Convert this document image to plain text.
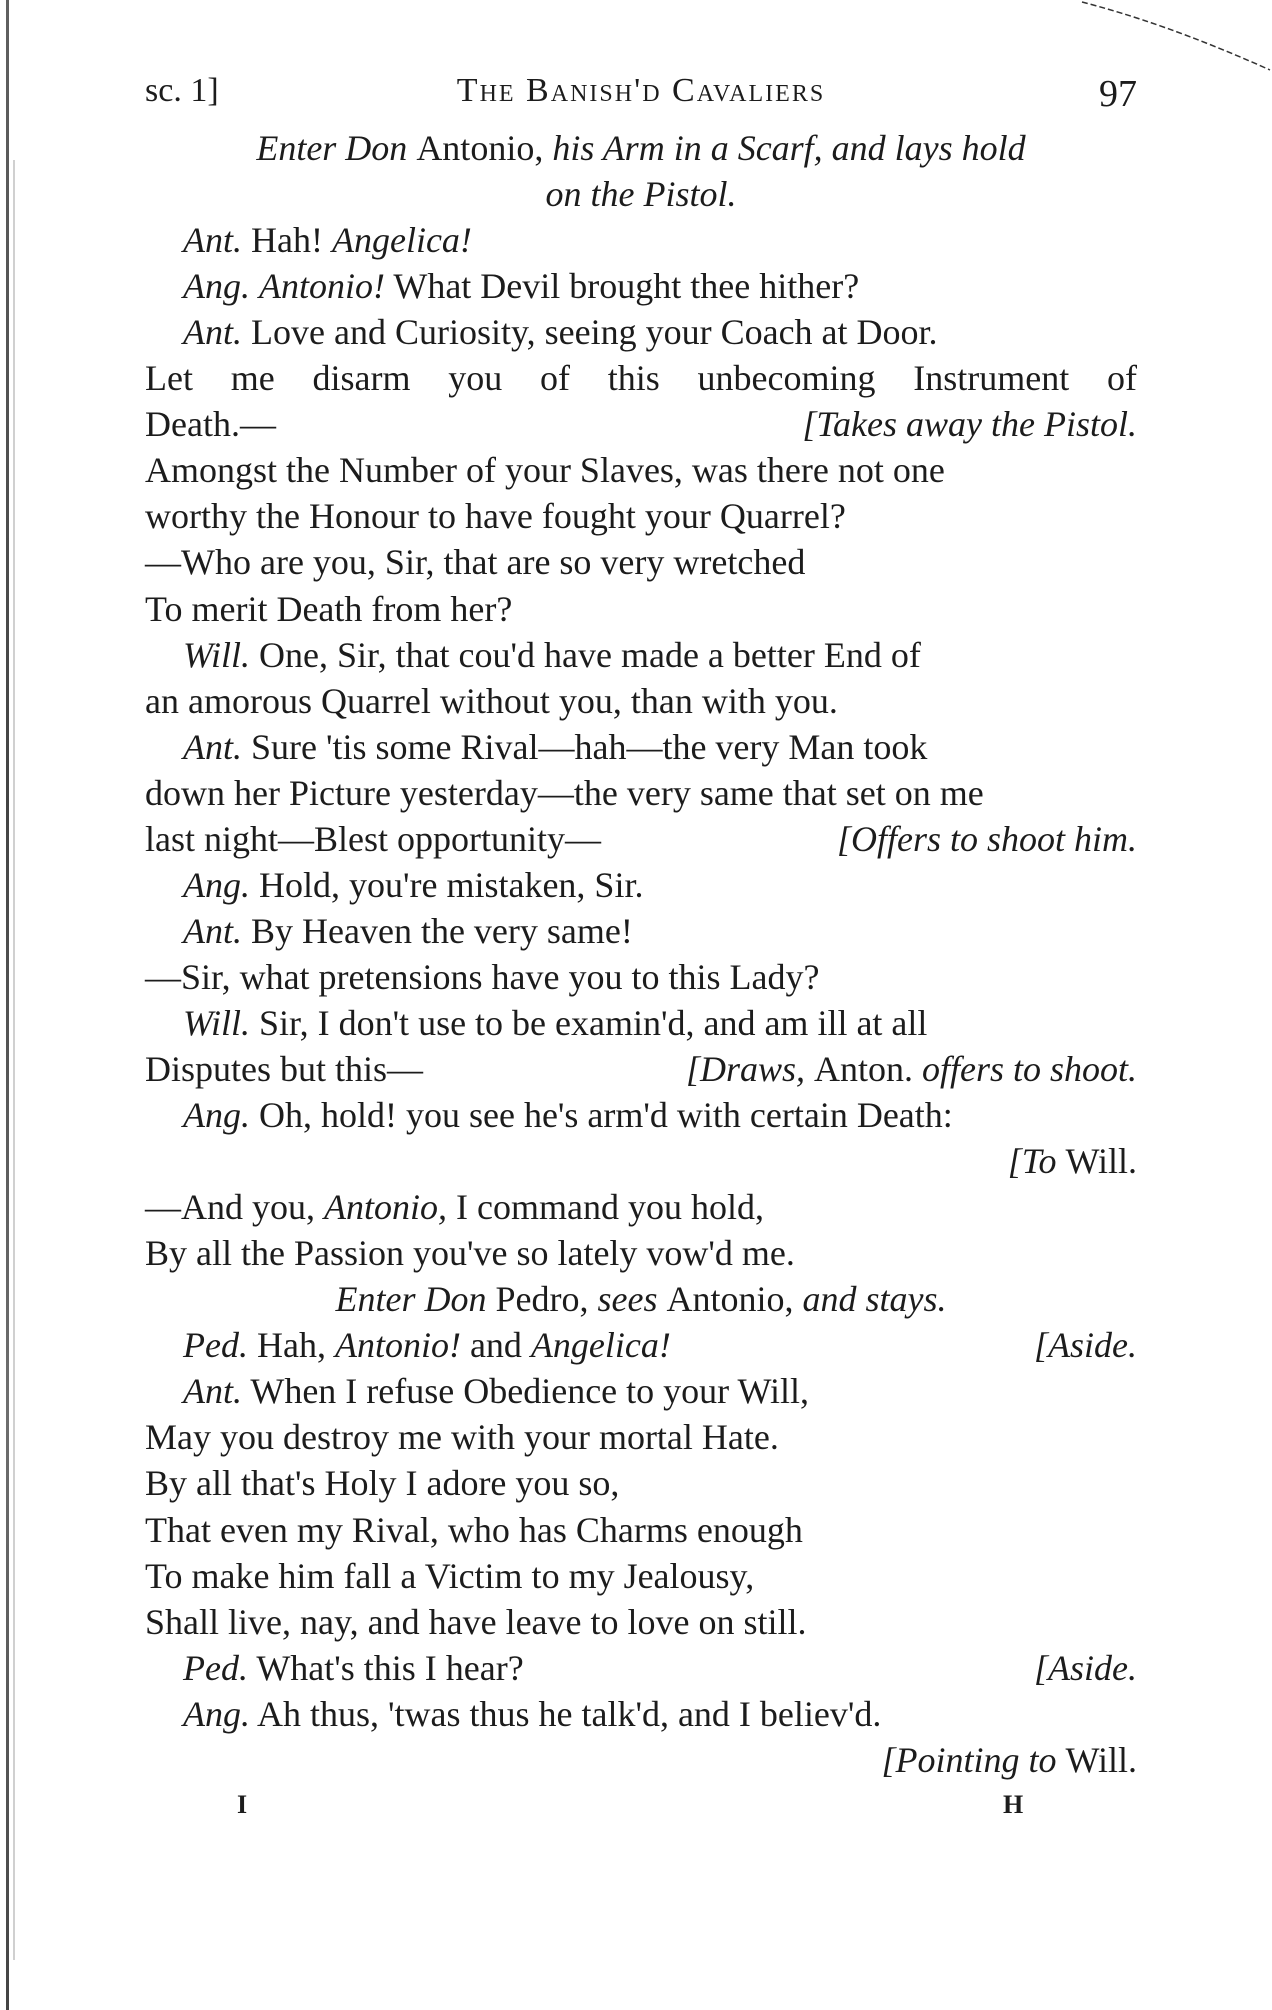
sc. 1]	The Banish'd Cavaliers	97
Enter Don Antonio, his Arm in a Scarf, and lays hold
on the Pistol.
Ant. Hah! Angelica!
Ang. Antonio! What Devil brought thee hither?
Ant. Love and Curiosity, seeing your Coach at Door.
Let me disarm you of this unbecoming Instrument of
Death.—	[Takes away the Pistol.
Amongst the Number of your Slaves, was there not one
worthy the Honour to have fought your Quarrel?
—Who are you, Sir, that are so very wretched
To merit Death from her?
Will. One, Sir, that cou'd have made a better End of
an amorous Quarrel without you, than with you.
Ant. Sure 'tis some Rival—hah—the very Man took
down her Picture yesterday—the very same that set on me
last night—Blest opportunity—	[Offers to shoot him.
Ang. Hold, you're mistaken, Sir.
Ant. By Heaven the very same!
—Sir, what pretensions have you to this Lady?
Will. Sir, I don't use to be examin'd, and am ill at all
Disputes but this—	[Draws, Anton. offers to shoot.
Ang. Oh, hold! you see he's arm'd with certain Death:
[To Will.
—And you, Antonio, I command you hold,
By all the Passion you've so lately vow'd me.
Enter Don Pedro, sees Antonio, and stays.
Ped. Hah, Antonio! and Angelica!	[Aside.
Ant. When I refuse Obedience to your Will,
May you destroy me with your mortal Hate.
By all that's Holy I adore you so,
That even my Rival, who has Charms enough
To make him fall a Victim to my Jealousy,
Shall live, nay, and have leave to love on still.
Ped. What's this I hear?	[Aside.
Ang. Ah thus, 'twas thus he talk'd, and I believ'd.
[Pointing to Will.
I	H
